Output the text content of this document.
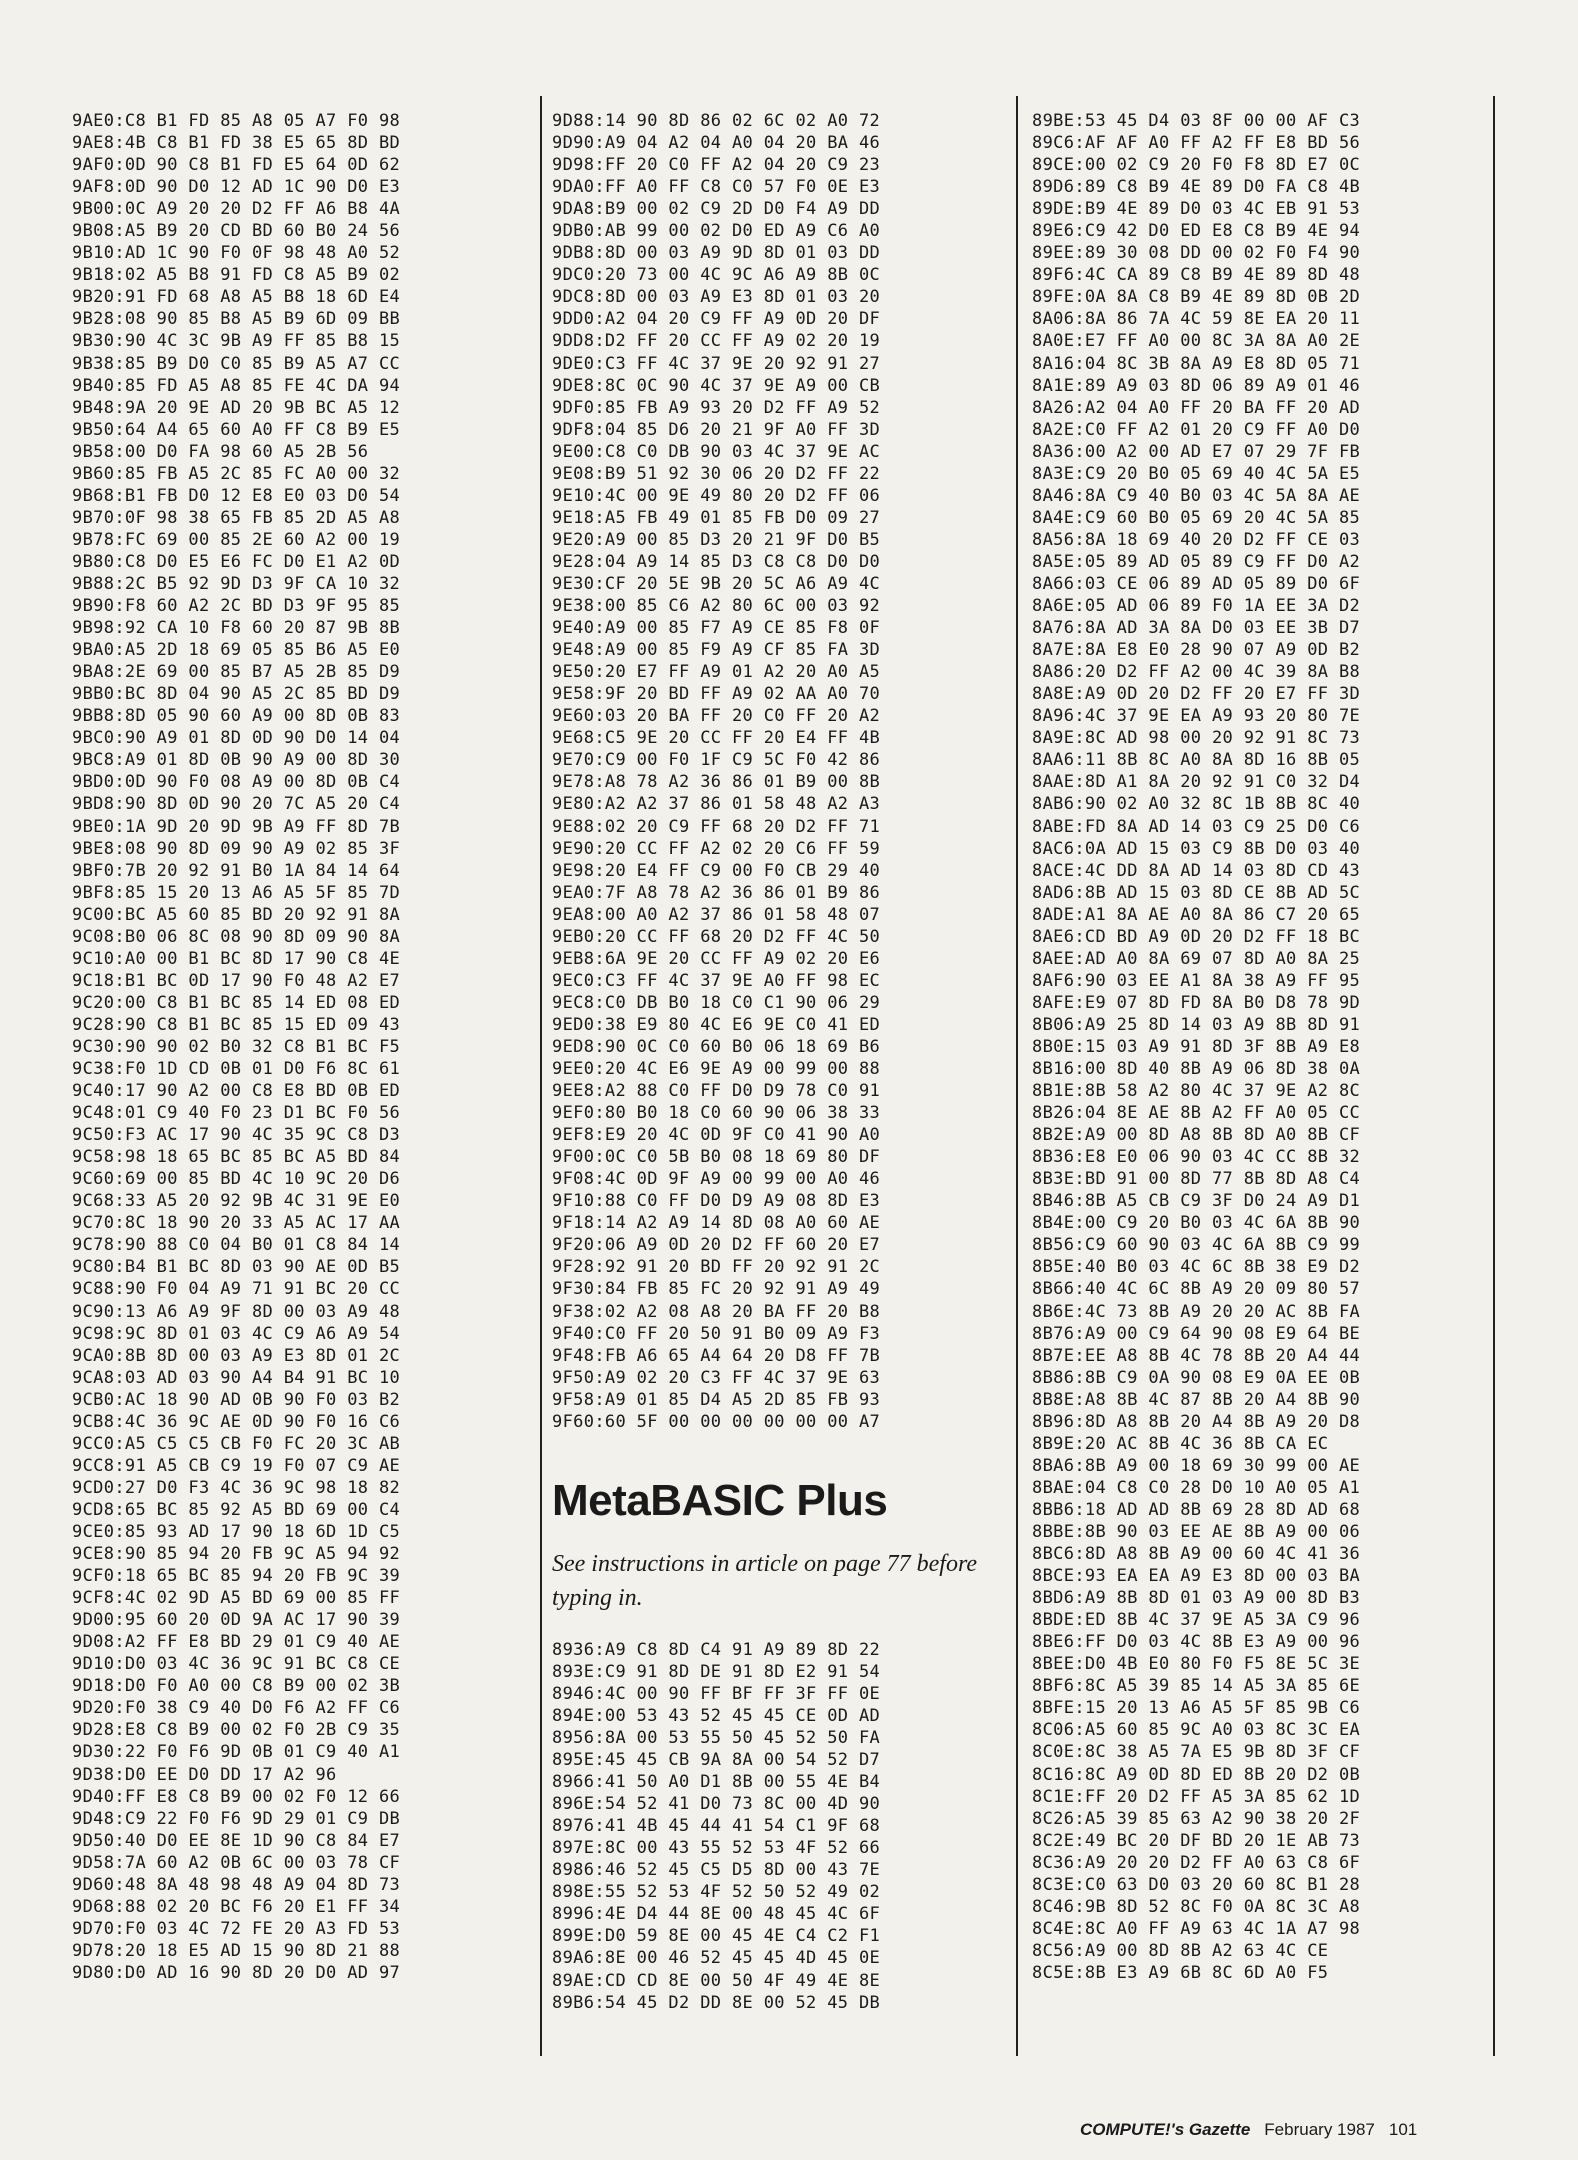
9AE0:C8 B1 FD 85 A8 05 A7 F0 98
9AE8:4B C8 B1 FD 38 E5 65 8D BD
9AF0:0D 90 C8 B1 FD E5 64 0D 62
9AF8:0D 90 D0 12 AD 1C 90 D0 E3
9B00:0C A9 20 20 D2 FF A6 B8 4A
9B08:A5 B9 20 CD BD 60 B0 24 56
9B10:AD 1C 90 F0 0F 98 48 A0 52
9B18:02 A5 B8 91 FD C8 A5 B9 02
9B20:91 FD 68 A8 A5 B8 18 6D E4
9B28:08 90 85 B8 A5 B9 6D 09 BB
9B30:90 4C 3C 9B A9 FF 85 B8 15
9B38:85 B9 D0 C0 85 B9 A5 A7 CC
9B40:85 FD A5 A8 85 FE 4C DA 94
9B48:9A 20 9E AD 20 9B BC A5 12
9B50:64 A4 65 60 A0 FF C8 B9 E5
9B58:00 D0 FA 98 60 A5 2B 56
9B60:85 FB A5 2C 85 FC A0 00 32
9B68:B1 FB D0 12 E8 E0 03 D0 54
9B70:0F 98 38 65 FB 85 2D A5 A8
9B78:FC 69 00 85 2E 60 A2 00 19
9B80:C8 D0 E5 E6 FC D0 E1 A2 0D
9B88:2C B5 92 9D D3 9F CA 10 32
9B90:F8 60 A2 2C BD D3 9F 95 85
9B98:92 CA 10 F8 60 20 87 9B 8B
9BA0:A5 2D 18 69 05 85 B6 A5 E0
9BA8:2E 69 00 85 B7 A5 2B 85 D9
9BB0:BC 8D 04 90 A5 2C 85 BD D9
9BB8:8D 05 90 60 A9 00 8D 0B 83
9BC0:90 A9 01 8D 0D 90 D0 14 04
9BC8:A9 01 8D 0B 90 A9 00 8D 30
9BD0:0D 90 F0 08 A9 00 8D 0B C4
9BD8:90 8D 0D 90 20 7C A5 20 C4
9BE0:1A 9D 20 9D 9B A9 FF 8D 7B
9BE8:08 90 8D 09 90 A9 02 85 3F
9BF0:7B 20 92 91 B0 1A 84 14 64
9BF8:85 15 20 13 A6 A5 5F 85 7D
9C00:BC A5 60 85 BD 20 92 91 8A
9C08:B0 06 8C 08 90 8D 09 90 8A
9C10:A0 00 B1 BC 8D 17 90 C8 4E
9C18:B1 BC 0D 17 90 F0 48 A2 E7
9C20:00 C8 B1 BC 85 14 ED 08 ED
9C28:90 C8 B1 BC 85 15 ED 09 43
9C30:90 90 02 B0 32 C8 B1 BC F5
9C38:F0 1D CD 0B 01 D0 F6 8C 61
9C40:17 90 A2 00 C8 E8 BD 0B ED
9C48:01 C9 40 F0 23 D1 BC F0 56
9C50:F3 AC 17 90 4C 35 9C C8 D3
9C58:98 18 65 BC 85 BC A5 BD 84
9C60:69 00 85 BD 4C 10 9C 20 D6
9C68:33 A5 20 92 9B 4C 31 9E E0
9C70:8C 18 90 20 33 A5 AC 17 AA
9C78:90 88 C0 04 B0 01 C8 84 14
9C80:B4 B1 BC 8D 03 90 AE 0D B5
9C88:90 F0 04 A9 71 91 BC 20 CC
9C90:13 A6 A9 9F 8D 00 03 A9 48
9C98:9C 8D 01 03 4C C9 A6 A9 54
9CA0:8B 8D 00 03 A9 E3 8D 01 2C
9CA8:03 AD 03 90 A4 B4 91 BC 10
9CB0:AC 18 90 AD 0B 90 F0 03 B2
9CB8:4C 36 9C AE 0D 90 F0 16 C6
9CC0:A5 C5 C5 CB F0 FC 20 3C AB
9CC8:91 A5 CB C9 19 F0 07 C9 AE
9CD0:27 D0 F3 4C 36 9C 98 18 82
9CD8:65 BC 85 92 A5 BD 69 00 C4
9CE0:85 93 AD 17 90 18 6D 1D C5
9CE8:90 85 94 20 FB 9C A5 94 92
9CF0:18 65 BC 85 94 20 FB 9C 39
9CF8:4C 02 9D A5 BD 69 00 85 FF
9D00:95 60 20 0D 9A AC 17 90 39
9D08:A2 FF E8 BD 29 01 C9 40 AE
9D10:D0 03 4C 36 9C 91 BC C8 CE
9D18:D0 F0 A0 00 C8 B9 00 02 3B
9D20:F0 38 C9 40 D0 F6 A2 FF C6
9D28:E8 C8 B9 00 02 F0 2B C9 35
9D30:22 F0 F6 9D 0B 01 C9 40 A1
9D38:D0 EE D0 DD 17 A2 96
9D40:FF E8 C8 B9 00 02 F0 12 66
9D48:C9 22 F0 F6 9D 29 01 C9 DB
9D50:40 D0 EE 8E 1D 90 C8 84 E7
9D58:7A 60 A2 0B 6C 00 03 78 CF
9D60:48 8A 48 98 48 A9 04 8D 73
9D68:88 02 20 BC F6 20 E1 FF 34
9D70:F0 03 4C 72 FE 20 A3 FD 53
9D78:20 18 E5 AD 15 90 8D 21 88
9D80:D0 AD 16 90 8D 20 D0 AD 97
9D88:14 90 8D 86 02 6C 02 A0 72
9D90:A9 04 A2 04 A0 04 20 BA 46
9D98:FF 20 C0 FF A2 04 20 C9 23
9DA0:FF A0 FF C8 C0 57 F0 0E E3
9DA8:B9 00 02 C9 2D D0 F4 A9 DD
9DB0:AB 99 00 02 D0 ED A9 C6 A0
9DB8:8D 00 03 A9 9D 8D 01 03 DD
9DC0:20 73 00 4C 9C A6 A9 8B 0C
9DC8:8D 00 03 A9 E3 8D 01 03 20
9DD0:A2 04 20 C9 FF A9 0D 20 DF
9DD8:D2 FF 20 CC FF A9 02 20 19
9DE0:C3 FF 4C 37 9E 20 92 91 27
9DE8:8C 0C 90 4C 37 9E A9 00 CB
9DF0:85 FB A9 93 20 D2 FF A9 52
9DF8:04 85 D6 20 21 9F A0 FF 3D
9E00:C8 C0 DB 90 03 4C 37 9E AC
9E08:B9 51 92 30 06 20 D2 FF 22
9E10:4C 00 9E 49 80 20 D2 FF 06
9E18:A5 FB 49 01 85 FB D0 09 27
9E20:A9 00 85 D3 20 21 9F D0 B5
9E28:04 A9 14 85 D3 C8 C8 D0 D0
9E30:CF 20 5E 9B 20 5C A6 A9 4C
9E38:00 85 C6 A2 80 6C 00 03 92
9E40:A9 00 85 F7 A9 CE 85 F8 0F
9E48:A9 00 85 F9 A9 CF 85 FA 3D
9E50:20 E7 FF A9 01 A2 20 A0 A5
9E58:9F 20 BD FF A9 02 AA A0 70
9E60:03 20 BA FF 20 C0 FF 20 A2
9E68:C5 9E 20 CC FF 20 E4 FF 4B
9E70:C9 00 F0 1F C9 5C F0 42 86
9E78:A8 78 A2 36 86 01 B9 00 8B
9E80:A2 A2 37 86 01 58 48 A2 A3
9E88:02 20 C9 FF 68 20 D2 FF 71
9E90:20 CC FF A2 02 20 C6 FF 59
9E98:20 E4 FF C9 00 F0 CB 29 40
9EA0:7F A8 78 A2 36 86 01 B9 86
9EA8:00 A0 A2 37 86 01 58 48 07
9EB0:20 CC FF 68 20 D2 FF 4C 50
9EB8:6A 9E 20 CC FF A9 02 20 E6
9EC0:C3 FF 4C 37 9E A0 FF 98 EC
9EC8:C0 DB B0 18 C0 C1 90 06 29
9ED0:38 E9 80 4C E6 9E C0 41 ED
9ED8:90 0C C0 60 B0 06 18 69 B6
9EE0:20 4C E6 9E A9 00 99 00 88
9EE8:A2 88 C0 FF D0 D9 78 C0 91
9EF0:80 B0 18 C0 60 90 06 38 33
9EF8:E9 20 4C 0D 9F C0 41 90 A0
9F00:0C C0 5B B0 08 18 69 80 DF
9F08:4C 0D 9F A9 00 99 00 A0 46
9F10:88 C0 FF D0 D9 A9 08 8D E3
9F18:14 A2 A9 14 8D 08 A0 60 AE
9F20:06 A9 0D 20 D2 FF 60 20 E7
9F28:92 91 20 BD FF 20 92 91 2C
9F30:84 FB 85 FC 20 92 91 A9 49
9F38:02 A2 08 A8 20 BA FF 20 B8
9F40:C0 FF 20 50 91 B0 09 A9 F3
9F48:FB A6 65 A4 64 20 D8 FF 7B
9F50:A9 02 20 C3 FF 4C 37 9E 63
9F58:A9 01 85 D4 A5 2D 85 FB 93
9F60:60 5F 00 00 00 00 00 00 A7
MetaBASIC Plus
See instructions in article on page 77 before typing in.
8936:A9 C8 8D C4 91 A9 89 8D 22
893E:C9 91 8D DE 91 8D E2 91 54
8946:4C 00 90 FF BF FF 3F FF 0E
894E:00 53 43 52 45 45 CE 0D AD
8956:8A 00 53 55 50 45 52 50 FA
895E:45 45 CB 9A 8A 00 54 52 D7
8966:41 50 A0 D1 8B 00 55 4E B4
896E:54 52 41 D0 73 8C 00 4D 90
8976:41 4B 45 44 41 54 C1 9F 68
897E:8C 00 43 55 52 53 4F 52 66
8986:46 52 45 C5 D5 8D 00 43 7E
898E:55 52 53 4F 52 50 52 49 02
8996:4E D4 44 8E 00 48 45 4C 6F
899E:D0 59 8E 00 45 4E C4 C2 F1
89A6:8E 00 46 52 45 45 4D 45 0E
89AE:CD CD 8E 00 50 4F 49 4E 8E
89B6:54 45 D2 DD 8E 00 52 45 DB
89BE:53 45 D4 03 8F 00 00 AF C3
89C6:AF AF A0 FF A2 FF E8 BD 56
89CE:00 02 C9 20 F0 F8 8D E7 0C
89D6:89 C8 B9 4E 89 D0 FA C8 4B
89DE:B9 4E 89 D0 03 4C EB 91 53
89E6:C9 42 D0 ED E8 C8 B9 4E 94
89EE:89 30 08 DD 00 02 F0 F4 90
89F6:4C CA 89 C8 B9 4E 89 8D 48
89FE:0A 8A C8 B9 4E 89 8D 0B 2D
8A06:8A 86 7A 4C 59 8E EA 20 11
8A0E:E7 FF A0 00 8C 3A 8A A0 2E
8A16:04 8C 3B 8A A9 E8 8D 05 71
8A1E:89 A9 03 8D 06 89 A9 01 46
8A26:A2 04 A0 FF 20 BA FF 20 AD
8A2E:C0 FF A2 01 20 C9 FF A0 D0
8A36:00 A2 00 AD E7 07 29 7F FB
8A3E:C9 20 B0 05 69 40 4C 5A E5
8A46:8A C9 40 B0 03 4C 5A 8A AE
8A4E:C9 60 B0 05 69 20 4C 5A 85
8A56:8A 18 69 40 20 D2 FF CE 03
8A5E:05 89 AD 05 89 C9 FF D0 A2
8A66:03 CE 06 89 AD 05 89 D0 6F
8A6E:05 AD 06 89 F0 1A EE 3A D2
8A76:8A AD 3A 8A D0 03 EE 3B D7
8A7E:8A E8 E0 28 90 07 A9 0D B2
8A86:20 D2 FF A2 00 4C 39 8A B8
8A8E:A9 0D 20 D2 FF 20 E7 FF 3D
8A96:4C 37 9E EA A9 93 20 80 7E
8A9E:8C AD 98 00 20 92 91 8C 73
8AA6:11 8B 8C A0 8A 8D 16 8B 05
8AAE:8D A1 8A 20 92 91 C0 32 D4
8AB6:90 02 A0 32 8C 1B 8B 8C 40
8ABE:FD 8A AD 14 03 C9 25 D0 C6
8AC6:0A AD 15 03 C9 8B D0 03 40
8ACE:4C DD 8A AD 14 03 8D CD 43
8AD6:8B AD 15 03 8D CE 8B AD 5C
8ADE:A1 8A AE A0 8A 86 C7 20 65
8AE6:CD BD A9 0D 20 D2 FF 18 BC
8AEE:AD A0 8A 69 07 8D A0 8A 25
8AF6:90 03 EE A1 8A 38 A9 FF 95
8AFE:E9 07 8D FD 8A B0 D8 78 9D
8B06:A9 25 8D 14 03 A9 8B 8D 91
8B0E:15 03 A9 91 8D 3F 8B A9 E8
8B16:00 8D 40 8B A9 06 8D 38 0A
8B1E:8B 58 A2 80 4C 37 9E A2 8C
8B26:04 8E AE 8B A2 FF A0 05 CC
8B2E:A9 00 8D A8 8B 8D A0 8B CF
8B36:E8 E0 06 90 03 4C CC 8B 32
8B3E:BD 91 00 8D 77 8B 8D A8 C4
8B46:8B A5 CB C9 3F D0 24 A9 D1
8B4E:00 C9 20 B0 03 4C 6A 8B 90
8B56:C9 60 90 03 4C 6A 8B C9 99
8B5E:40 B0 03 4C 6C 8B 38 E9 D2
8B66:40 4C 6C 8B A9 20 09 80 57
8B6E:4C 73 8B A9 20 20 AC 8B FA
8B76:A9 00 C9 64 90 08 E9 64 BE
8B7E:EE A8 8B 4C 78 8B 20 A4 44
8B86:8B C9 0A 90 08 E9 0A EE 0B
8B8E:A8 8B 4C 87 8B 20 A4 8B 90
8B96:8D A8 8B 20 A4 8B A9 20 D8
8B9E:20 AC 8B 4C 36 8B CA EC
8BA6:8B A9 00 18 69 30 99 00 AE
8BAE:04 C8 C0 28 D0 10 A0 05 A1
8BB6:18 AD AD 8B 69 28 8D AD 68
8BBE:8B 90 03 EE AE 8B A9 00 06
8BC6:8D A8 8B A9 00 60 4C 41 36
8BCE:93 EA EA A9 E3 8D 00 03 BA
8BD6:A9 8B 8D 01 03 A9 00 8D B3
8BDE:ED 8B 4C 37 9E A5 3A C9 96
8BE6:FF D0 03 4C 8B E3 A9 00 96
8BEE:D0 4B E0 80 F0 F5 8E 5C 3E
8BF6:8C A5 39 85 14 A5 3A 85 6E
8BFE:15 20 13 A6 A5 5F 85 9B C6
8C06:A5 60 85 9C A0 03 8C 3C EA
8C0E:8C 38 A5 7A E5 9B 8D 3F CF
8C16:8C A9 0D 8D ED 8B 20 D2 0B
8C1E:FF 20 D2 FF A5 3A 85 62 1D
8C26:A5 39 85 63 A2 90 38 20 2F
8C2E:49 BC 20 DF BD 20 1E AB 73
8C36:A9 20 20 D2 FF A0 63 C8 6F
8C3E:C0 63 D0 03 20 60 8C B1 28
8C46:9B 8D 52 8C F0 0A 8C 3C A8
8C4E:8C A0 FF A9 63 4C 1A A7 98
8C56:A9 00 8D 8B A2 63 4C CE
8C5E:8B E3 A9 6B 8C 6D A0 F5
COMPUTE!'s Gazette February 1987 101
